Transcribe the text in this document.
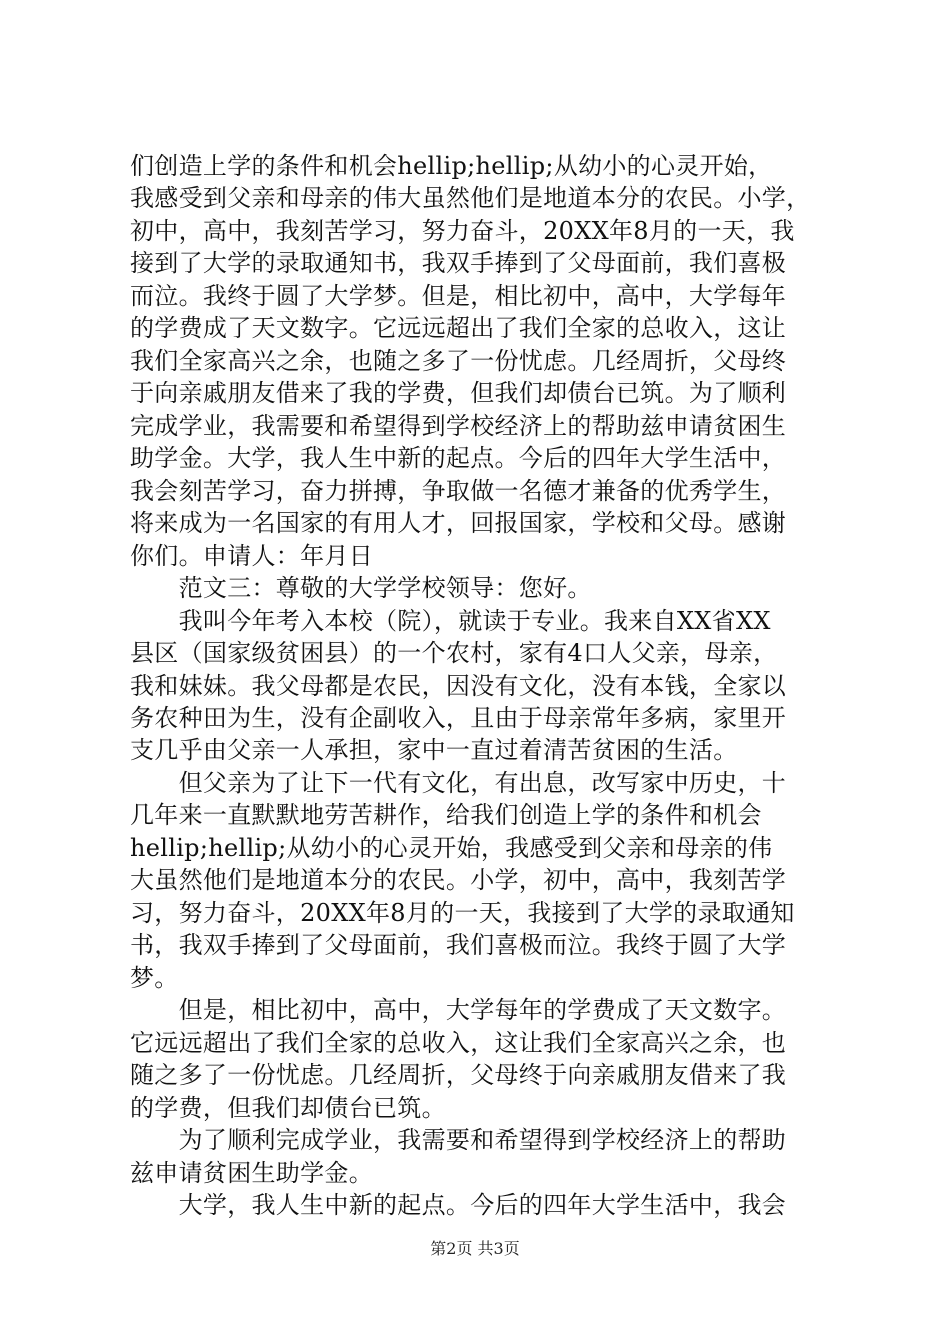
们创造上学的条件和机会hellip;hellip;从幼小的心灵开始，
我感受到父亲和母亲的伟大虽然他们是地道本分的农民。小学，
初中，高中，我刻苦学习，努力奋斗，20XX年8月的一天，我
接到了大学的录取通知书，我双手捧到了父母面前，我们喜极
而泣。我终于圆了大学梦。但是，相比初中，高中，大学每年
的学费成了天文数字。它远远超出了我们全家的总收入，这让
我们全家高兴之余，也随之多了一份忧虑。几经周折，父母终
于向亲戚朋友借来了我的学费，但我们却债台已筑。为了顺利
完成学业，我需要和希望得到学校经济上的帮助兹申请贫困生
助学金。大学，我人生中新的起点。今后的四年大学生活中，
我会刻苦学习，奋力拼搏，争取做一名德才兼备的优秀学生，
将来成为一名国家的有用人才，回报国家，学校和父母。感谢
你们。申请人：年月日
　　范文三：尊敬的大学学校领导：您好。
　　我叫今年考入本校（院），就读于专业。我来自XX省XX
县区（国家级贫困县）的一个农村，家有4口人父亲，母亲，
我和妹妹。我父母都是农民，因没有文化，没有本钱，全家以
务农种田为生，没有企副收入，且由于母亲常年多病，家里开
支几乎由父亲一人承担，家中一直过着清苦贫困的生活。
　　但父亲为了让下一代有文化，有出息，改写家中历史，十
几年来一直默默地劳苦耕作，给我们创造上学的条件和机会
hellip;hellip;从幼小的心灵开始，我感受到父亲和母亲的伟
大虽然他们是地道本分的农民。小学，初中，高中，我刻苦学
习，努力奋斗，20XX年8月的一天，我接到了大学的录取通知
书，我双手捧到了父母面前，我们喜极而泣。我终于圆了大学
梦。
　　但是，相比初中，高中，大学每年的学费成了天文数字。
它远远超出了我们全家的总收入，这让我们全家高兴之余，也
随之多了一份忧虑。几经周折，父母终于向亲戚朋友借来了我
的学费，但我们却债台已筑。
　　为了顺利完成学业，我需要和希望得到学校经济上的帮助
兹申请贫困生助学金。
　　大学，我人生中新的起点。今后的四年大学生活中，我会
第2页 共3页
